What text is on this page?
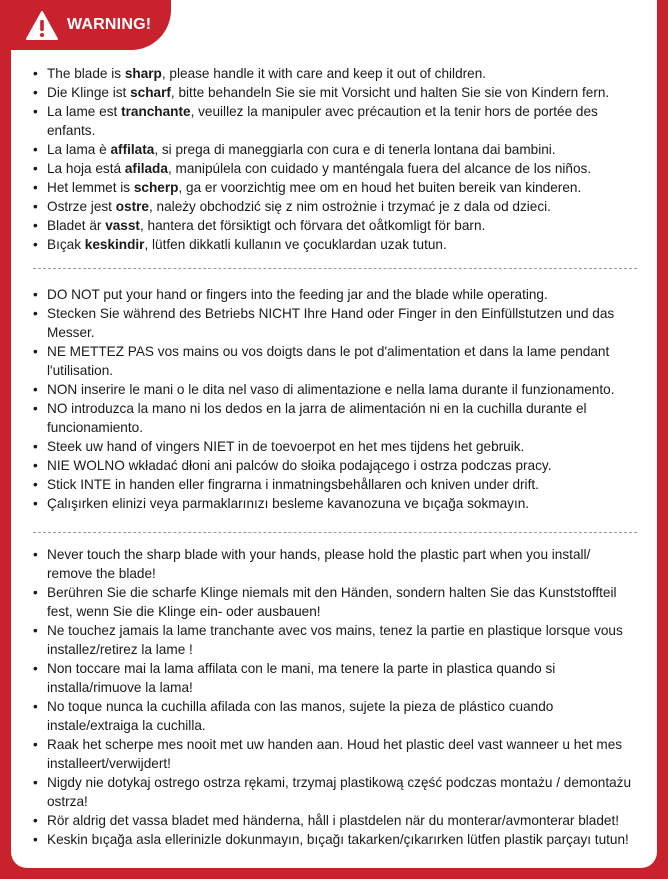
WARNING!
• The blade is sharp, please handle it with care and keep it out of children.
• Die Klinge ist scharf, bitte behandeln Sie sie mit Vorsicht und halten Sie sie von Kindern fern.
• La lame est tranchante, veuillez la manipuler avec précaution et la tenir hors de portée des enfants.
• La lama è affilata, si prega di maneggiarla con cura e di tenerla lontana dai bambini.
• La hoja está afilada, manipúlela con cuidado y manténgala fuera del alcance de los niños.
• Het lemmet is scherp, ga er voorzichtig mee om en houd het buiten bereik van kinderen.
• Ostrze jest ostre, należy obchodzić się z nim ostrożnie i trzymać je z dala od dzieci.
• Bladet är vasst, hantera det försiktigt och förvara det oåtkomligt för barn.
• Bıçak keskindir, lütfen dikkatli kullanın ve çocuklardan uzak tutun.
• DO NOT put your hand or fingers into the feeding jar and the blade while operating.
• Stecken Sie während des Betriebs NICHT Ihre Hand oder Finger in den Einfüllstutzen und das Messer.
• NE METTEZ PAS vos mains ou vos doigts dans le pot d'alimentation et dans la lame pendant l'utilisation.
• NON inserire le mani o le dita nel vaso di alimentazione e nella lama durante il funzionamento.
• NO introduzca la mano ni los dedos en la jarra de alimentación ni en la cuchilla durante el funcionamiento.
• Steek uw hand of vingers NIET in de toevoerpot en het mes tijdens het gebruik.
• NIE WOLNO wkładać dłoni ani palców do słoika podającego i ostrza podczas pracy.
• Stick INTE in handen eller fingrarna i inmatningsbehållaren och kniven under drift.
• Çalışırken elinizi veya parmaklarınızı besleme kavanozuna ve bıçağa sokmayın.
• Never touch the sharp blade with your hands, please hold the plastic part when you install/ remove the blade!
• Berühren Sie die scharfe Klinge niemals mit den Händen, sondern halten Sie das Kunststoffteil fest, wenn Sie die Klinge ein- oder ausbauen!
• Ne touchez jamais la lame tranchante avec vos mains, tenez la partie en plastique lorsque vous installez/retirez la lame !
• Non toccare mai la lama affilata con le mani, ma tenere la parte in plastica quando si installa/rimuove la lama!
• No toque nunca la cuchilla afilada con las manos, sujete la pieza de plástico cuando instale/extraiga la cuchilla.
• Raak het scherpe mes nooit met uw handen aan. Houd het plastic deel vast wanneer u het mes installeert/verwijdert!
• Nigdy nie dotykaj ostrego ostrza rękami, trzymaj plastikową część podczas montażu / demontażu ostrza!
• Rör aldrig det vassa bladet med händerna, håll i plastdelen när du monterar/avmonterar bladet!
• Keskin bıçağa asla ellerinizle dokunmayın, bıçağı takarken/çıkarırken lütfen plastik parçayı tutun!
